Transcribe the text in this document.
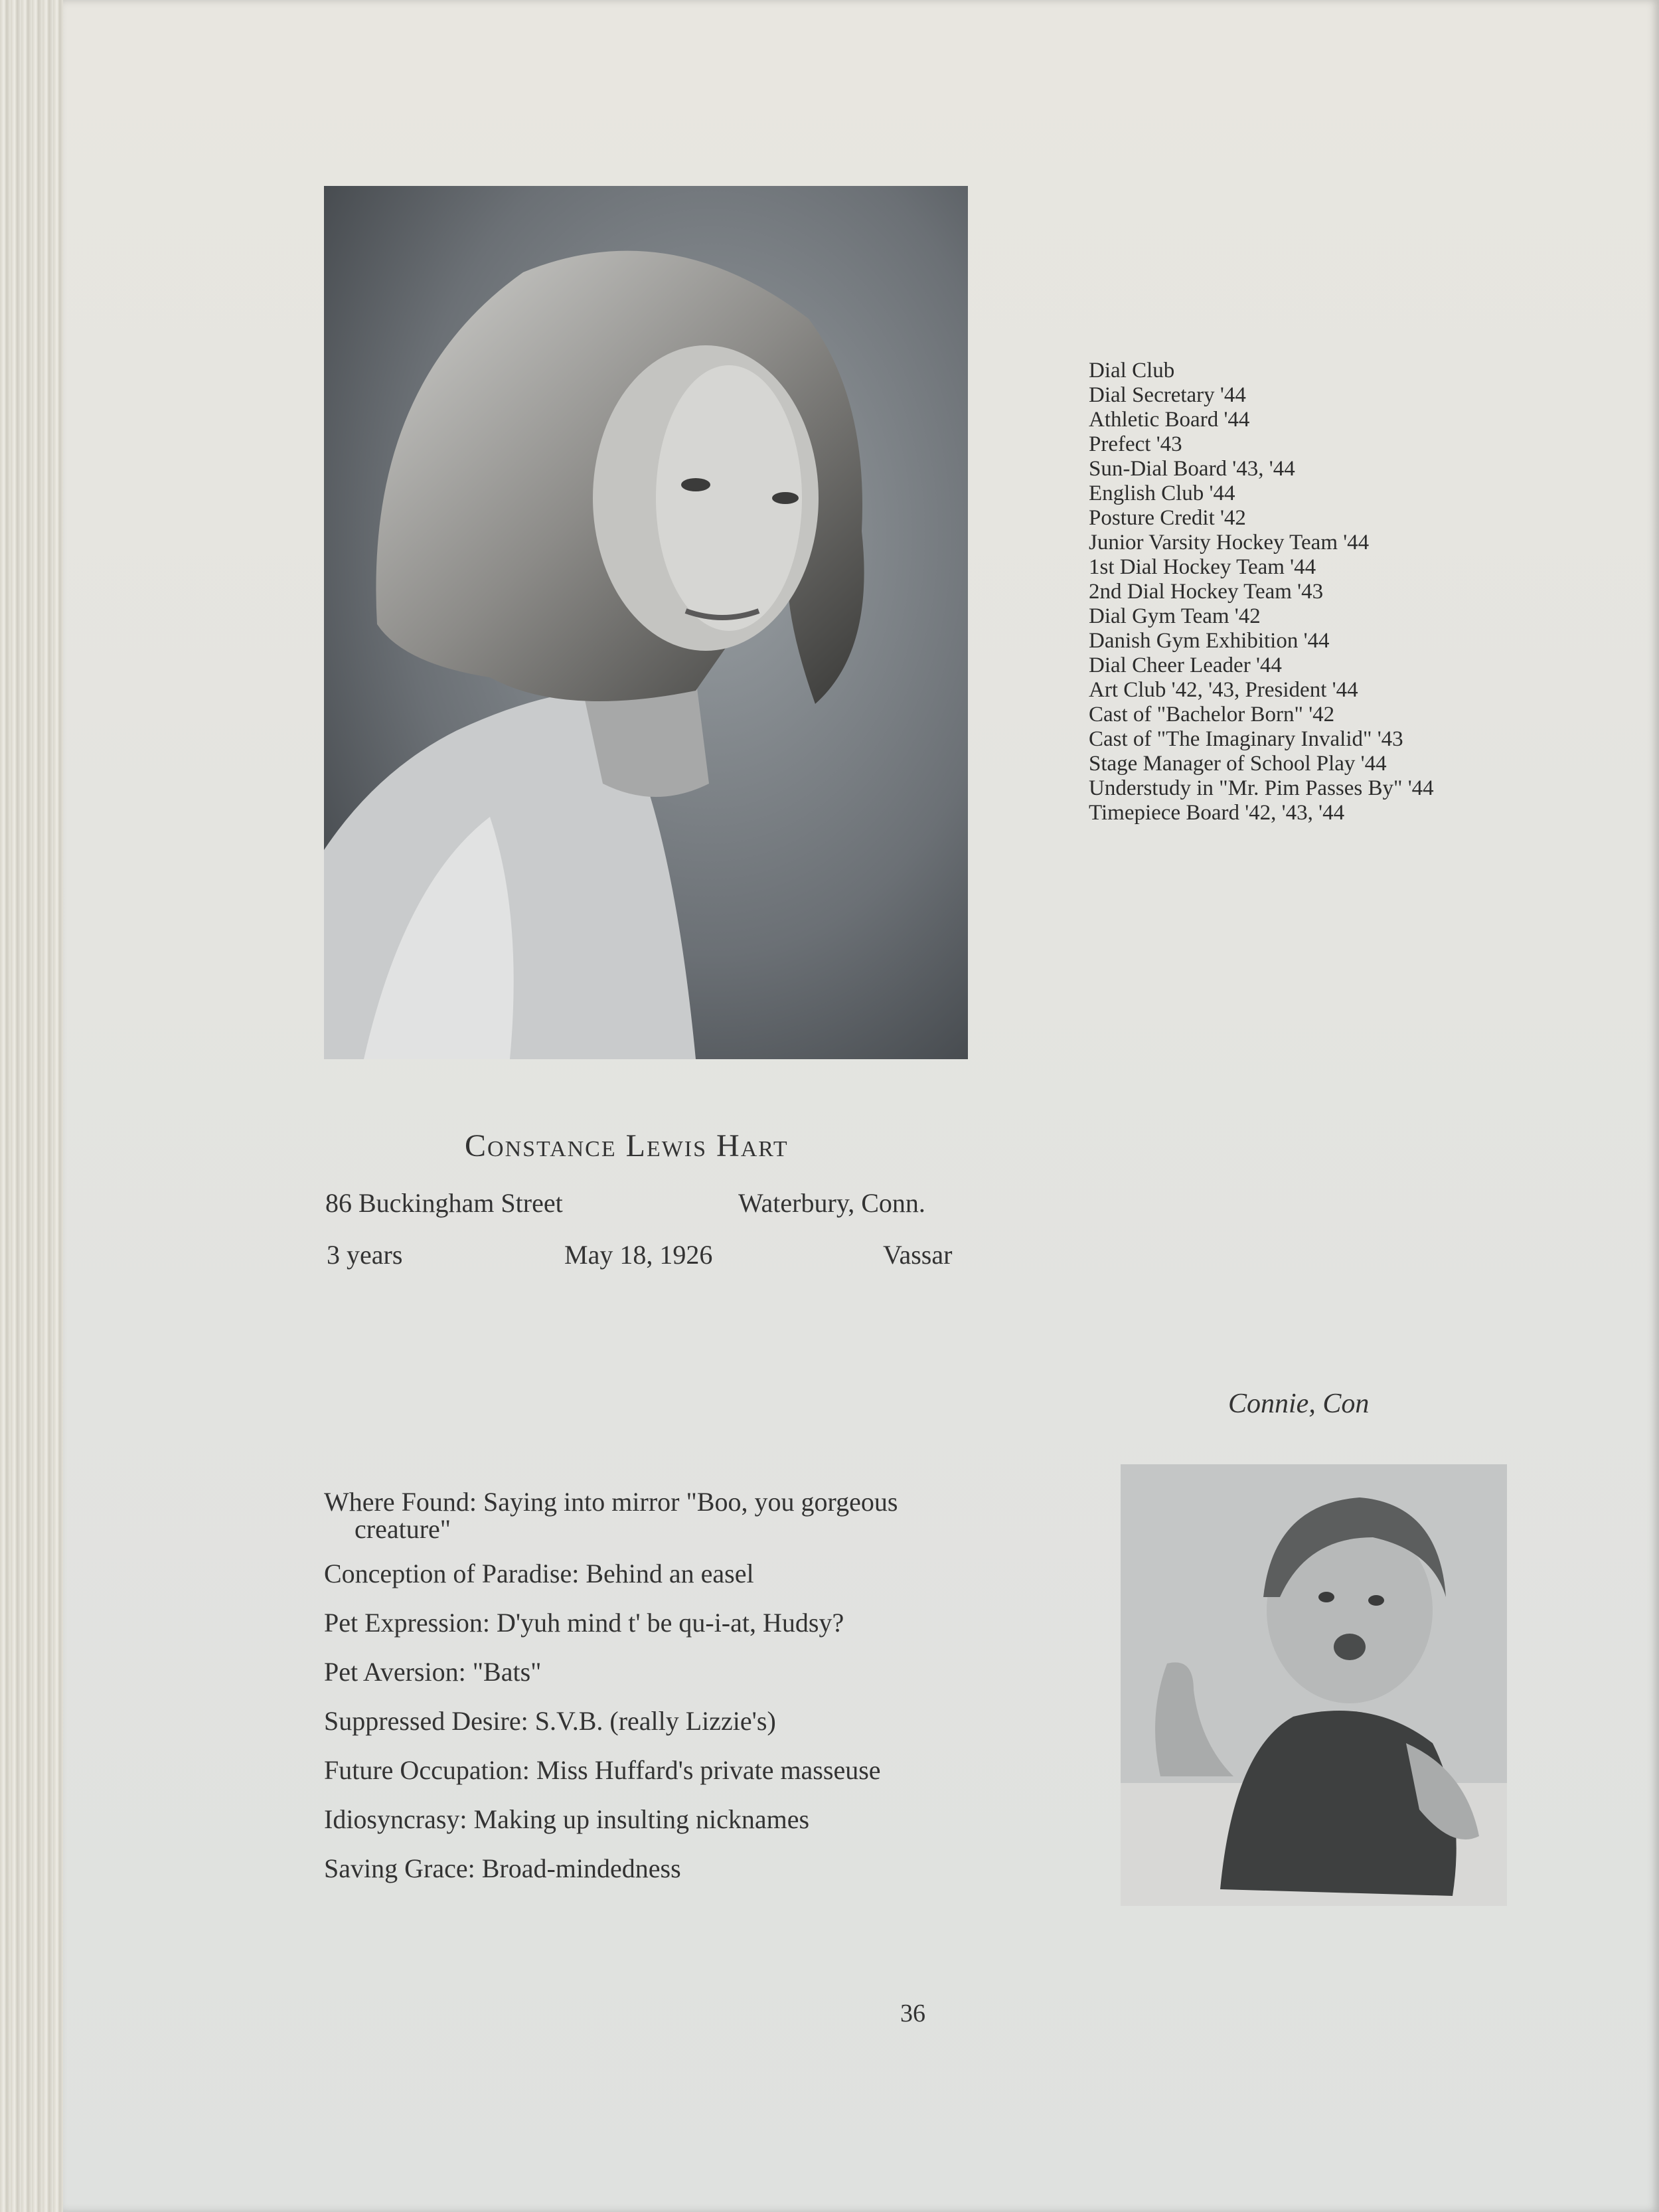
Dial Club
Dial Secretary '44
Athletic Board '44
Prefect '43
Sun-Dial Board '43, '44
English Club '44
Posture Credit '42
Junior Varsity Hockey Team '44
1st Dial Hockey Team '44
2nd Dial Hockey Team '43
Dial Gym Team '42
Danish Gym Exhibition '44
Dial Cheer Leader '44
Art Club '42, '43, President '44
Cast of "Bachelor Born" '42
Cast of "The Imaginary Invalid" '43
Stage Manager of School Play '44
Understudy in "Mr. Pim Passes By" '44
Timepiece Board '42, '43, '44
Constance Lewis Hart
86 Buckingham Street	Waterbury, Conn.
3 years	May 18, 1926	Vassar
Connie, Con
Where Found: Saying into mirror "Boo, you gorgeous
creature"
Conception of Paradise: Behind an easel
Pet Expression: D'yuh mind t' be qu-i-at, Hudsy?
Pet Aversion: "Bats"
Suppressed Desire: S.V.B. (really Lizzie's)
Future Occupation: Miss Huffard's private masseuse
Idiosyncrasy: Making up insulting nicknames
Saving Grace: Broad-mindedness
36
